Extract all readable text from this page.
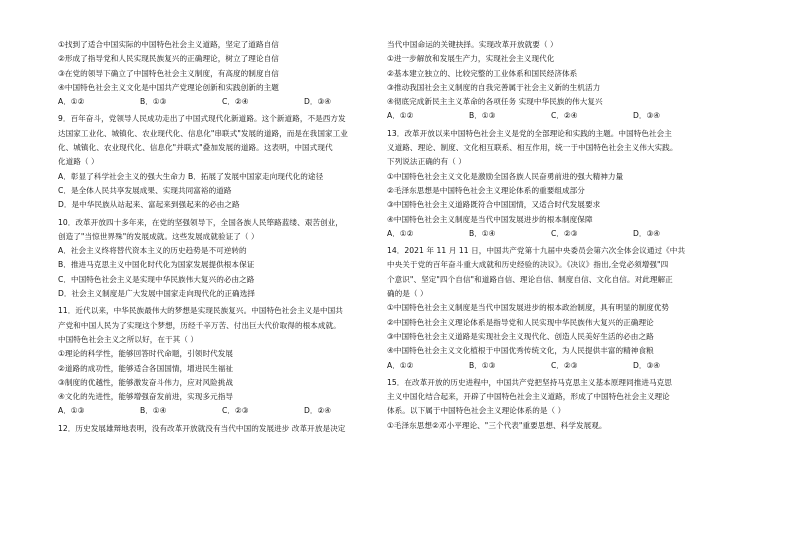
①找到了适合中国实际的中国特色社会主义道路，坚定了道路自信
②形成了指导党和人民实现民族复兴的正确理论，树立了理论自信
③在党的领导下确立了中国特色社会主义制度，有高度的制度自信
④中国特色社会主义文化是中国共产党理论创新和实践创新的主题
A．①②	B．①③	C．②④	D．③④
9．百年奋斗，党领导人民成功走出了中国式现代化新道路。这个新道路，不是西方发
达国家工业化、城镇化、农业现代化、信息化"串联式"发展的道路，而是在我国家工业
化、城镇化、农业现代化、信息化"并联式"叠加发展的道路。这表明，中国式现代
化道路（ ）
A．彰显了科学社会主义的强大生命力 B．拓展了发展中国家走向现代化的途径
C．是全体人民共享发展成果、实现共同富裕的道路
D．是中华民族从站起来、富起来到强起来的必由之路
10．改革开放四十多年来，在党的坚强领导下，全国各族人民筚路蓝缕、艰苦创业，
创造了"当惊世界殊"的发展成就。这些发展成就验证了（ ）
A．社会主义终将替代资本主义的历史趋势是不可逆转的
B．推进马克思主义中国化时代化为国家发展提供根本保证
C．中国特色社会主义是实现中华民族伟大复兴的必由之路
D．社会主义制度是广大发展中国家走向现代化的正确选择
11．近代以来，中华民族最伟大的梦想是实现民族复兴。中国特色社会主义是中国共
产党和中国人民为了实现这个梦想，历经千辛万苦、付出巨大代价取得的根本成就。
中国特色社会主义之所以好，在于其（ ）
①理论的科学性，能够回答时代命题，引领时代发展
②道路的成功性，能够适合各国国情，增进民生福祉
③制度的优越性，能够激发奋斗伟力，应对风险挑战
④文化的先进性，能够增强奋发前进，实现多元指导
A．①③	B．①④	C．②③	D．②④
12．历史发展雄辩地表明，没有改革开放就没有当代中国的发展进步 改革开放是决定
当代中国命运的关键抉择。实现改革开放就要（ ）
①进一步解放和发展生产力，实现社会主义现代化
②基本建立独立的、比较完整的工业体系和国民经济体系
③推动我国社会主义制度的自我完善属于社会主义新的生机活力
④彻底完成新民主主义革命的各项任务 实现中华民族的伟大复兴
A．①②	B．①③	C．②④	D．③④
13．改革开放以来中国特色社会主义是党的全部理论和实践的主题。中国特色社会主
义道路、理论、制度、文化相互联系、相互作用，统一于中国特色社会主义伟大实践。
下列说法正确的有（ ）
①中国特色社会主义文化是激励全国各族人民奋勇前进的强大精神力量
②毛泽东思想是中国特色社会主义理论体系的重要组成部分
③中国特色社会主义道路既符合中国国情，又适合时代发展要求
④中国特色社会主义制度是当代中国发展进步的根本制度保障
A．①②	B．①④	C．②③	D．③④
14．2021 年 11 月 11 日，中国共产党第十九届中央委员会第六次全体会议通过《中共
中央关于党的百年奋斗重大成就和历史经验的决议》。《决议》指出,全党必须增强"四
个意识"、坚定"四个自信"和道路自信、理论自信、制度自信、文化自信。对此理解正
确的是（ ）
①中国特色社会主义制度是当代中国发展进步的根本政治制度，具有明显的制度优势
②中国特色社会主义理论体系是指导党和人民实现中华民族伟大复兴的正确理论
③中国特色社会主义道路是实现社会主义现代化、创造人民美好生活的必由之路
④中国特色社会主义文化植根于中国优秀传统文化，为人民提供丰富的精神食粮
A．①②	B．①③	C．②③	D．③④
15．在改革开放的历史进程中，中国共产党把坚持马克思主义基本原理同推进马克思
主义中国化结合起来，开辟了中国特色社会主义道路，形成了中国特色社会主义理论
体系。以下属于中国特色社会主义理论体系的是（ ）
①毛泽东思想②邓小平理论、"三个代表"重要思想、科学发展观。
